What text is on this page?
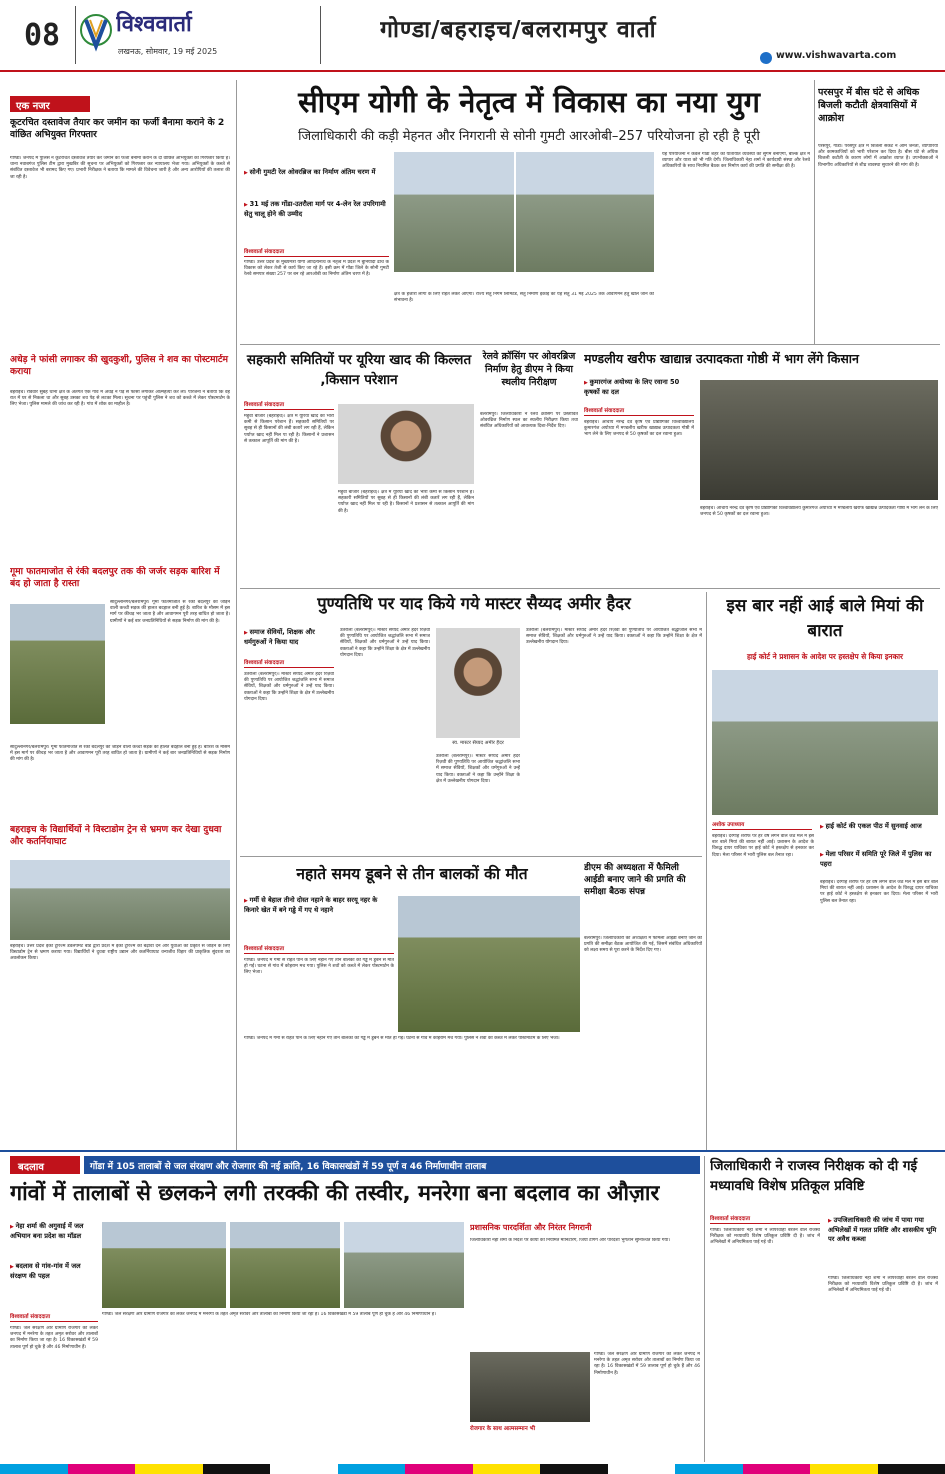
08	विश्ववार्ता
लखनऊ, सोमवार, 19 मई 2025
गोण्डा/बहराइच/बलरामपुर वार्ता
www.vishwavarta.com
एक नजर
कूटरचित दस्तावेज तैयार कर जमीन का फर्जी बैनामा कराने के 2 वांछित अभियुक्त गिरफ्तार
गोण्डा। जनपद में पुलिस ने कूटरचित दस्तावेज तैयार कर जमीन का फर्जी बैनामा कराने के दो वांछित अभियुक्तों को गिरफ्तार किया है। थाना नवाबगंज पुलिस टीम द्वारा मुखबिर की सूचना पर अभियुक्तों को गिरफ्तार कर न्यायालय भेजा गया। अभियुक्तों के कब्जे से संबंधित दस्तावेज भी बरामद किए गए। प्रभारी निरीक्षक ने बताया कि मामले की विवेचना जारी है और अन्य आरोपियों की तलाश की जा रही है।
अधेड़ ने फांसी लगाकर की खुदकुशी, पुलिस ने शव का पोस्टमार्टम कराया
बहराइच। रविवार सुबह थाना क्षेत्र के अंतर्गत एक गांव में अधेड़ ने पेड़ से फांसी लगाकर आत्महत्या कर ली। परिजनों ने बताया कि वह रात में घर से निकला था और सुबह उसका शव पेड़ से लटका मिला। सूचना पर पहुंची पुलिस ने शव को कब्जे में लेकर पोस्टमार्टम के लिए भेजा। पुलिस मामले की जांच कर रही है। गांव में शोक का माहौल है।
गूमा फातमाजोत से रंकी बदलपुर तक की जर्जर सड़क बारिश में बंद हो जाता है रास्ता
सादुल्लानगर/बलरामपुर। गूमा फातमाजोत से रंकी बदलपुर को जोड़ने वाली कच्ची सड़क की हालत बदहाल बनी हुई है। बारिश के मौसम में इस मार्ग पर कीचड़ भर जाता है और आवागमन पूरी तरह बाधित हो जाता है। ग्रामीणों ने कई बार जनप्रतिनिधियों से सड़क निर्माण की मांग की है।
सादुल्लानगर/बलरामपुर। गूमा फातमाजोत से रंकी बदलपुर को जोड़ने वाली कच्ची सड़क की हालत बदहाल बनी हुई है। बारिश के मौसम में इस मार्ग पर कीचड़ भर जाता है और आवागमन पूरी तरह बाधित हो जाता है। ग्रामीणों ने कई बार जनप्रतिनिधियों से सड़क निर्माण की मांग की है।
बहराइच के विद्यार्थियों ने विस्टाडोम ट्रेन से भ्रमण कर देखा दुधवा और कतर्नियाघाट
बहराइच। उत्तर प्रदेश ईको टूरिज्म डेवलपमेंट बोर्ड द्वारा प्रदेश में ईको टूरिज्म को बढ़ावा देने और युवाओं को प्रकृति से जोड़ने के लिए विस्टाडोम ट्रेन से भ्रमण कराया गया। विद्यार्थियों ने दुधवा राष्ट्रीय उद्यान और कतर्नियाघाट वन्यजीव विहार की प्राकृतिक सुंदरता का अवलोकन किया।
सीएम योगी के नेतृत्व में विकास का नया युग
जिलाधिकारी की कड़ी मेहनत और निगरानी से सोनी गुमटी आरओबी–257 परियोजना हो रही है पूरी
▶ सोनी गुमटी रेल ओवरब्रिज का निर्माण अंतिम चरण में
▶ 31 मई तक गोंडा-उतरौला मार्ग पर 4-लेन रेल उपरिगामी सेतु चालू होने की उम्मीद
विश्ववार्ता संवाददाता
गोण्डा। उत्तर प्रदेश के मुख्यमंत्री योगी आदित्यनाथ के नेतृत्व में प्रदेश में बुनियादी ढांचे के विकास को लेकर तेजी से कार्य किए जा रहे हैं। इसी क्रम में गोंडा जिले के सोनी गुमटी रेलवे समपार संख्या 257 पर बन रहे आरओबी का निर्माण अंतिम चरण में है।
क्षेत्र के हजारों लोगों के लिए राहत लेकर आएगा। राज्य सेतु निगम लिमिटेड, सेतु निर्माण इकाई का यह सेतु 31 मई 2025 तक आवागमन हेतु खोले जाने की संभावना है।
यह परियोजना न केवल गोंडा शहर को यातायात व्यवस्था को सुगम बनाएगी, बल्कि क्षेत्र में व्यापार और यात्रा को भी गति देगी। जिलाधिकारी नेहा शर्मा ने कार्यदायी संस्था और रेलवे अधिकारियों के साथ नियमित बैठक कर निर्माण कार्य की प्रगति की समीक्षा की है।
परसपुर में बीस घंटे से अधिक बिजली कटौती क्षेत्रवासियों में आक्रोश
परसपुर, गोंडा। परसपुर क्षेत्र में बिजली संकट ने आम जनता, व्यापारियों और कामकाजियों को भारी परेशान कर दिया है। बीस घंटे से अधिक बिजली कटौती के कारण लोगों में आक्रोश व्याप्त है। उपभोक्ताओं ने विभागीय अधिकारियों से शीघ्र व्यवस्था सुधारने की मांग की है।
सहकारी समितियों पर यूरिया खाद की किल्लत ,किसान परेशान
विश्ववार्ता संवाददाता
महुवा बाजार (बहराइच)। क्षेत्र में यूरिया खाद की भारी कमी से किसान परेशान हैं। सहकारी समितियों पर सुबह से ही किसानों की लंबी कतारें लग रही हैं, लेकिन पर्याप्त खाद नहीं मिल पा रही है। किसानों ने प्रशासन से तत्काल आपूर्ति की मांग की है।
महुवा बाजार (बहराइच)। क्षेत्र में यूरिया खाद की भारी कमी से किसान परेशान हैं। सहकारी समितियों पर सुबह से ही किसानों की लंबी कतारें लग रही हैं, लेकिन पर्याप्त खाद नहीं मिल पा रही है। किसानों ने प्रशासन से तत्काल आपूर्ति की मांग की है।
रेलवे क्रॉसिंग पर ओवरब्रिज निर्माण हेतु डीएम ने किया स्थलीय निरीक्षण
बलरामपुर। जिलाधिकारी ने रेलवे क्रॉसिंग पर प्रस्तावित ओवरब्रिज निर्माण स्थल का स्थलीय निरीक्षण किया तथा संबंधित अधिकारियों को आवश्यक दिशा-निर्देश दिए।
मण्डलीय खरीफ खाद्यान्न उत्पादकता गोष्ठी में भाग लेंगे किसान
▶ कुमारगंज अयोध्या के लिए रवाना 50 कृषकों का दल
विश्ववार्ता संवाददाता
बहराइच। आचार्य नरेन्द्र देव कृषि एवं प्रौद्योगिकी विश्वविद्यालय कुमारगंज अयोध्या में मण्डलीय खरीफ खाद्यान्न उत्पादकता गोष्ठी में भाग लेने के लिए जनपद से 50 कृषकों का दल रवाना हुआ।
बहराइच। आचार्य नरेन्द्र देव कृषि एवं प्रौद्योगिकी विश्वविद्यालय कुमारगंज अयोध्या में मण्डलीय खरीफ खाद्यान्न उत्पादकता गोष्ठी में भाग लेने के लिए जनपद से 50 कृषकों का दल रवाना हुआ।
पुण्यतिथि पर याद किये गये मास्टर सैय्यद अमीर हैदर
▶ समाज सेवियों, शिक्षक और धर्मगुरुओं ने किया याद
विश्ववार्ता संवाददाता
उतरौला (बलरामपुर)। मास्टर सैय्यद अमीर हैदर रिज़वी की पुण्यतिथि पर आयोजित श्रद्धांजलि सभा में समाज सेवियों, शिक्षकों और धर्मगुरुओं ने उन्हें याद किया। वक्ताओं ने कहा कि उन्होंने शिक्षा के क्षेत्र में उल्लेखनीय योगदान दिया।
उतरौला (बलरामपुर)। मास्टर सैय्यद अमीर हैदर रिज़वी की पुण्यतिथि पर आयोजित श्रद्धांजलि सभा में समाज सेवियों, शिक्षकों और धर्मगुरुओं ने उन्हें याद किया। वक्ताओं ने कहा कि उन्होंने शिक्षा के क्षेत्र में उल्लेखनीय योगदान दिया।
स्व. मास्टर सैय्यद अमीर हैदर
उतरौला (बलरामपुर)। मास्टर सैय्यद अमीर हैदर रिज़वी की पुण्यतिथि पर आयोजित श्रद्धांजलि सभा में समाज सेवियों, शिक्षकों और धर्मगुरुओं ने उन्हें याद किया। वक्ताओं ने कहा कि उन्होंने शिक्षा के क्षेत्र में उल्लेखनीय योगदान दिया।
उतरौला (बलरामपुर)। मास्टर सैय्यद अमीर हैदर रिज़वी की पुण्यतिथि पर आयोजित श्रद्धांजलि सभा में समाज सेवियों, शिक्षकों और धर्मगुरुओं ने उन्हें याद किया। वक्ताओं ने कहा कि उन्होंने शिक्षा के क्षेत्र में उल्लेखनीय योगदान दिया।
इस बार नहीं आई बाले मियां की बारात
हाई कोर्ट ने प्रशासन के आदेश पर हस्तक्षेप से किया इनकार
अशोक उपाध्याय	▶ हाई कोर्ट की एकल पीठ में सुनवाई आज
▶ मेला परिसर में समिति पूरे जिले में पुलिस का पहरा
बहराइच। दरगाह शरीफ पर हर वर्ष लगने वाले जेठ मेले में इस बार बाले मियां की बारात नहीं आई। प्रशासन के आदेश के विरुद्ध दायर याचिका पर हाई कोर्ट ने हस्तक्षेप से इनकार कर दिया। मेला परिसर में भारी पुलिस बल तैनात रहा।
बहराइच। दरगाह शरीफ पर हर वर्ष लगने वाले जेठ मेले में इस बार बाले मियां की बारात नहीं आई। प्रशासन के आदेश के विरुद्ध दायर याचिका पर हाई कोर्ट ने हस्तक्षेप से इनकार कर दिया। मेला परिसर में भारी पुलिस बल तैनात रहा।
नहाते समय डूबने से तीन बालकों की मौत
▶ गर्मी से बेहाल तीनो दोस्त नहाने के बाहर सरयू नहर के किनारे खेत में बने गड्ढे में गए थे नहाने
विश्ववार्ता संवाददाता
गोण्डा। जनपद में गर्मी से राहत पाने के लिए नहाने गए तीन बालकों की गड्ढे में डूबने से मौत हो गई। घटना से गांव में कोहराम मच गया। पुलिस ने शवों को कब्जे में लेकर पोस्टमार्टम के लिए भेजा।
गोण्डा। जनपद में गर्मी से राहत पाने के लिए नहाने गए तीन बालकों की गड्ढे में डूबने से मौत हो गई। घटना से गांव में कोहराम मच गया। पुलिस ने शवों को कब्जे में लेकर पोस्टमार्टम के लिए भेजा।
डीएम की अध्यक्षता में फैमिली आईडी बनाए जाने की प्रगति की समीक्षा बैठक संपन्न
बलरामपुर। जिलाधिकारी की अध्यक्षता में फैमिली आईडी बनाए जाने की प्रगति की समीक्षा बैठक आयोजित की गई, जिसमें संबंधित अधिकारियों को लक्ष्य समय से पूरा करने के निर्देश दिए गए।
बदलाव	गोंडा में 105 तालाबों से जल संरक्षण और रोजगार की नई क्रांति, 16 विकासखंडों में 59 पूर्ण व 46 निर्माणाधीन तालाब
गांवों में तालाबों से छलकने लगी तरक्की की तस्वीर, मनरेगा बना बदलाव का औज़ार
▶ नेहा शर्मा की अगुवाई में जल अभियान बना प्रदेश का मॉडल
▶ बदलाव से गांव-गांव में जल संरक्षण की पहल
विश्ववार्ता संवाददाता
गोण्डा। जल संरक्षण और ग्रामीण रोजगार को लेकर जनपद में मनरेगा के तहत अमृत सरोवर और तालाबों का निर्माण किया जा रहा है। 16 विकासखंडों में 59 तालाब पूर्ण हो चुके हैं और 46 निर्माणाधीन हैं।
गोण्डा। जल संरक्षण और ग्रामीण रोजगार को लेकर जनपद में मनरेगा के तहत अमृत सरोवर और तालाबों का निर्माण किया जा रहा है। 16 विकासखंडों में 59 तालाब पूर्ण हो चुके हैं और 46 निर्माणाधीन हैं।
प्रशासनिक पारदर्शिता और निरंतर निगरानी
जिलाधिकारी नेहा शर्मा के निर्देश पर कार्यों की नियमित मॉनिटरिंग, जियो टैगिंग और पारदर्शी भुगतान सुनिश्चित किया गया।
रोजगार के साथ आत्मसम्मान भी
गोण्डा। जल संरक्षण और ग्रामीण रोजगार को लेकर जनपद में मनरेगा के तहत अमृत सरोवर और तालाबों का निर्माण किया जा रहा है। 16 विकासखंडों में 59 तालाब पूर्ण हो चुके हैं और 46 निर्माणाधीन हैं।
जिलाधिकारी ने राजस्व निरीक्षक को दी गई मध्यावधि विशेष प्रतिकूल प्रविष्टि
विश्ववार्ता संवाददाता	▶ उपजिलाधिकारी की जांच में पाया गया अभिलेखों में गलत प्रविष्टि और शासकीय भूमि पर अवैध कब्जा
गोण्डा। जिलाधिकारी नेहा शर्मा ने लापरवाही बरतने वाले राजस्व निरीक्षक को मध्यावधि विशेष प्रतिकूल प्रविष्टि दी है। जांच में अभिलेखों में अनियमितता पाई गई थी।
गोण्डा। जिलाधिकारी नेहा शर्मा ने लापरवाही बरतने वाले राजस्व निरीक्षक को मध्यावधि विशेष प्रतिकूल प्रविष्टि दी है। जांच में अभिलेखों में अनियमितता पाई गई थी।
